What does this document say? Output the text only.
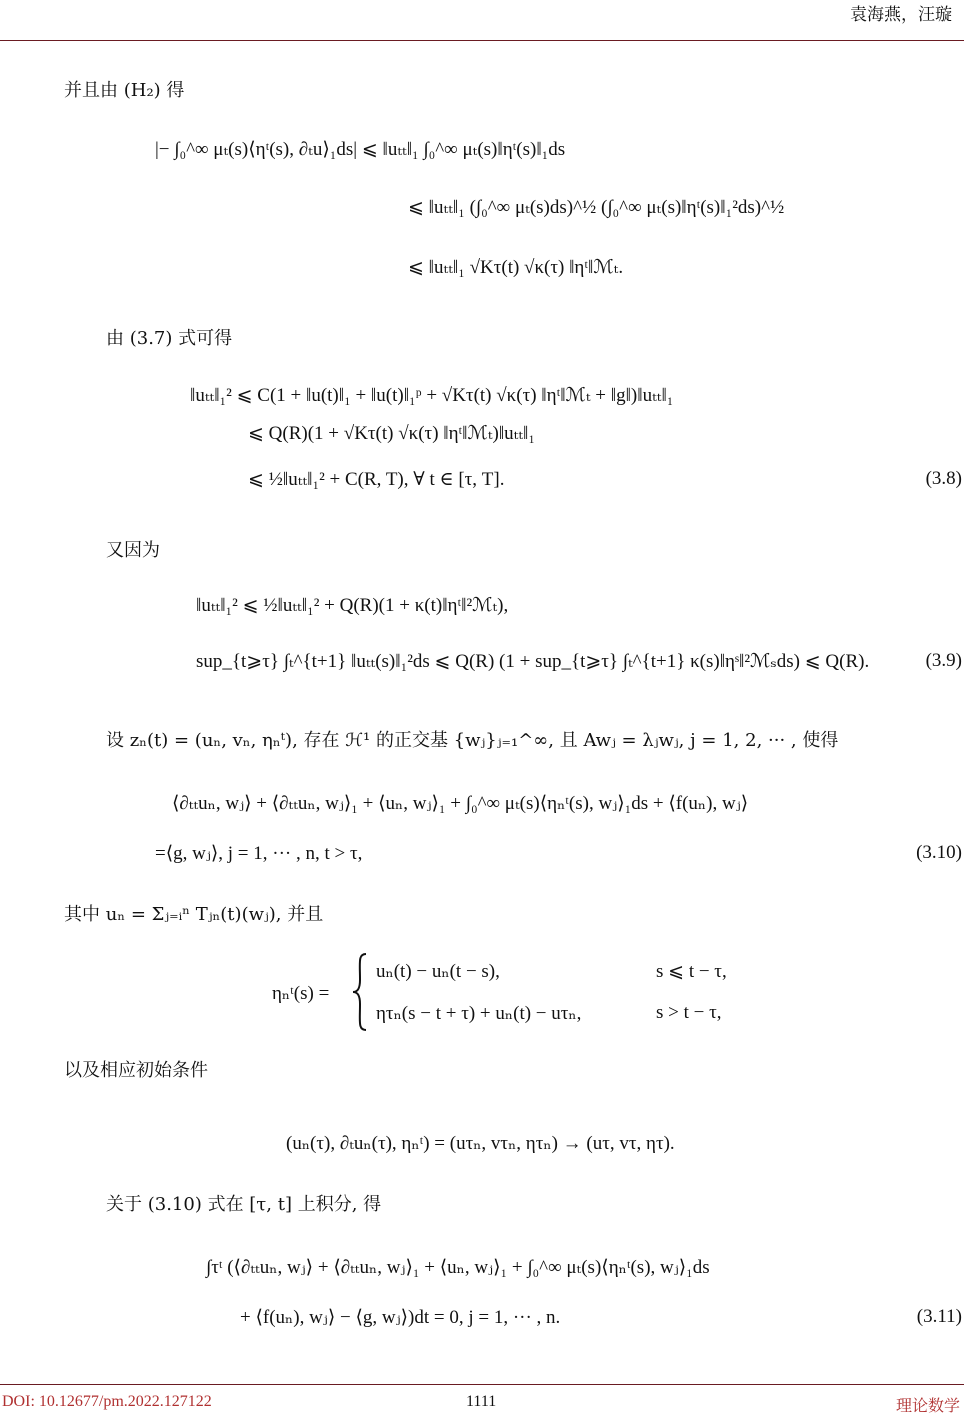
袁海燕，汪璇
并且由 (H₂) 得
|− ∫₀^∞ μₜ(s)⟨ηᵗ(s), ∂ₜu⟩₁ds| ⩽ ‖uₜₜ‖₁ ∫₀^∞ μₜ(s)‖ηᵗ(s)‖₁ds
⩽ ‖uₜₜ‖₁ (∫₀^∞ μₜ(s)ds)^½ (∫₀^∞ μₜ(s)‖ηᵗ(s)‖₁²ds)^½
⩽ ‖uₜₜ‖₁ √Kτ(t) √κ(τ) ‖ηᵗ‖ℳₜ.
由 (3.7) 式可得
‖uₜₜ‖₁² ⩽ C(1 + ‖u(t)‖₁ + ‖u(t)‖₁ᵖ + √Kτ(t) √κ(τ) ‖ηᵗ‖ℳₜ + ‖g‖)‖uₜₜ‖₁
⩽ Q(R)(1 + √Kτ(t) √κ(τ) ‖ηᵗ‖ℳₜ)‖uₜₜ‖₁
⩽ ½‖uₜₜ‖₁² + C(R, T), ∀ t ∈ [τ, T].	(3.8)
又因为
‖uₜₜ‖₁² ⩽ ½‖uₜₜ‖₁² + Q(R)(1 + κ(t)‖ηᵗ‖²ℳₜ),
sup_{t⩾τ} ∫ₜ^{t+1} ‖uₜₜ(s)‖₁²ds ⩽ Q(R) (1 + sup_{t⩾τ} ∫ₜ^{t+1} κ(s)‖ηˢ‖²ℳₛds) ⩽ Q(R).	(3.9)
设 zₙ(t) = (uₙ, vₙ, ηₙᵗ), 存在 ℋ¹ 的正交基 {wⱼ}ⱼ₌₁^∞, 且 Awⱼ = λⱼwⱼ, j = 1, 2, ··· , 使得
⟨∂ₜₜuₙ, wⱼ⟩ + ⟨∂ₜₜuₙ, wⱼ⟩₁ + ⟨uₙ, wⱼ⟩₁ + ∫₀^∞ μₜ(s)⟨ηₙᵗ(s), wⱼ⟩₁ds + ⟨f(uₙ), wⱼ⟩
=⟨g, wⱼ⟩, j = 1, ··· , n, t > τ,	(3.10)
其中 uₙ = Σⱼ₌ᵢⁿ Tⱼₙ(t)(wⱼ), 并且
ηₙᵗ(s) =
uₙ(t) − uₙ(t − s),	s ⩽ t − τ,
ητₙ(s − t + τ) + uₙ(t) − uτₙ,	s > t − τ,
以及相应初始条件
(uₙ(τ), ∂ₜuₙ(τ), ηₙᵗ) = (uτₙ, vτₙ, ητₙ) → (uτ, vτ, ητ).
关于 (3.10) 式在 [τ, t] 上积分, 得
∫τᵗ (⟨∂ₜₜuₙ, wⱼ⟩ + ⟨∂ₜₜuₙ, wⱼ⟩₁ + ⟨uₙ, wⱼ⟩₁ + ∫₀^∞ μₜ(s)⟨ηₙᵗ(s), wⱼ⟩₁ds
+ ⟨f(uₙ), wⱼ⟩ − ⟨g, wⱼ⟩)dt = 0, j = 1, ··· , n.	(3.11)
DOI: 10.12677/pm.2022.127122	1111	理论数学
